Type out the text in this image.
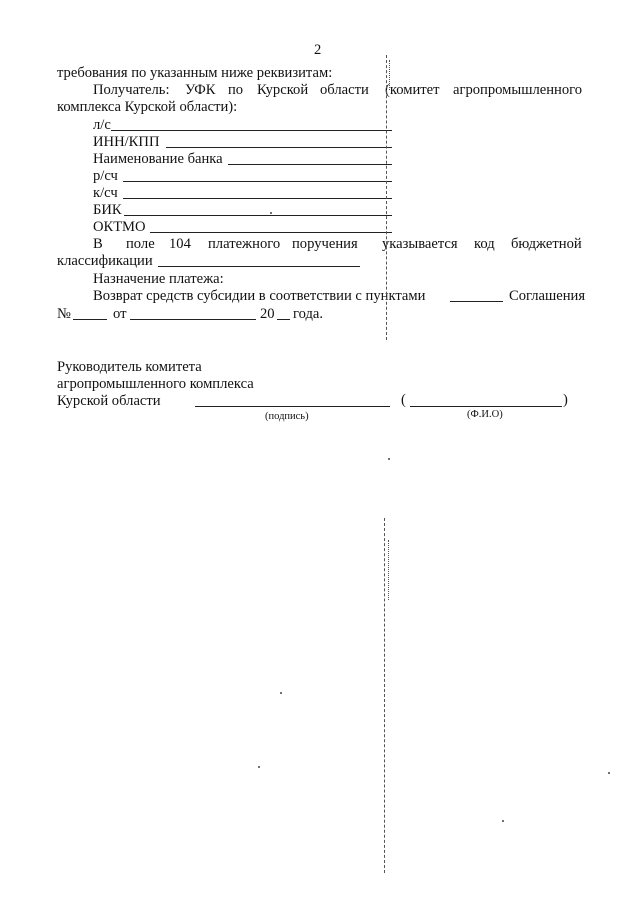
2
требования по указанным ниже реквизитам:
Получатель: УФК по Курской области (комитет агропромышленного
комплекса Курской области):
л/с
ИНН/КПП
Наименование банка
р/сч
к/сч
БИК
ОКТМО
В поле 104 платежного поручения указывается код бюджетной
классификации
Назначение платежа:
Возврат средств субсидии в соответствии с пунктами	Соглашения
№	от	20 года.
Руководитель комитета
агропромышленного комплекса
Курской области	(	)
(подпись)	(Ф.И.О)
